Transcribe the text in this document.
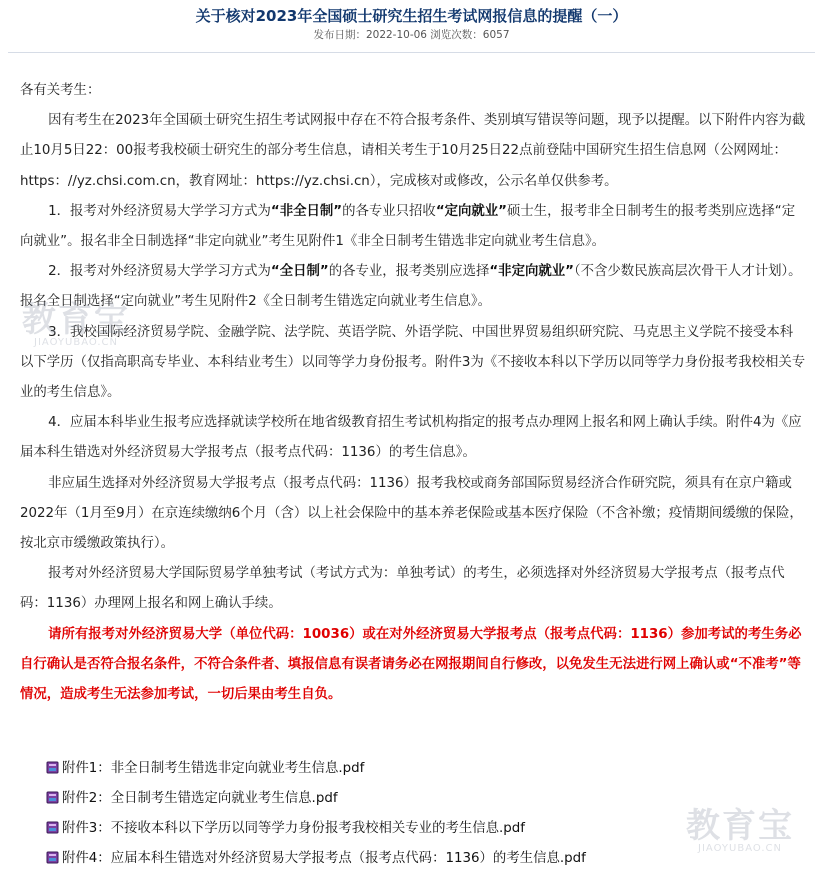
关于核对2023年全国硕士研究生招生考试网报信息的提醒（一）
发布日期：2022-10-06 浏览次数：6057

各有关考生：

因有考生在2023年全国硕士研究生招生考试网报中存在不符合报考条件、类别填写错误等问题，现予以提醒。以下附件内容为截止10月5日22：00报考我校硕士研究生的部分考生信息，请相关考生于10月25日22点前登陆中国研究生招生信息网（公网网址：https：//yz.chsi.com.cn，教育网址：https://yz.chsi.cn），完成核对或修改，公示名单仅供参考。

1．报考对外经济贸易大学学习方式为“非全日制”的各专业只招收“定向就业”硕士生，报考非全日制考生的报考类别应选择“定向就业”。报名非全日制选择“非定向就业”考生见附件1《非全日制考生错选非定向就业考生信息》。

2．报考对外经济贸易大学学习方式为“全日制”的各专业，报考类别应选择“非定向就业”（不含少数民族高层次骨干人才计划）。报名全日制选择“定向就业”考生见附件2《全日制考生错选定向就业考生信息》。

3．我校国际经济贸易学院、金融学院、法学院、英语学院、外语学院、中国世界贸易组织研究院、马克思主义学院不接受本科以下学历（仅指高职高专毕业、本科结业考生）以同等学力身份报考。附件3为《不接收本科以下学历以同等学力身份报考我校相关专业的考生信息》。

4．应届本科毕业生报考应选择就读学校所在地省级教育招生考试机构指定的报考点办理网上报名和网上确认手续。附件4为《应届本科生错选对外经济贸易大学报考点（报考点代码：1136）的考生信息》。

非应届生选择对外经济贸易大学报考点（报考点代码：1136）报考我校或商务部国际贸易经济合作研究院，须具有在京户籍或2022年（1月至9月）在京连续缴纳6个月（含）以上社会保险中的基本养老保险或基本医疗保险（不含补缴；疫情期间缓缴的保险，按北京市缓缴政策执行）。

报考对外经济贸易大学国际贸易学单独考试（考试方式为：单独考试）的考生，必须选择对外经济贸易大学报考点（报考点代码：1136）办理网上报名和网上确认手续。

请所有报考对外经济贸易大学（单位代码：10036）或在对外经济贸易大学报考点（报考点代码：1136）参加考试的考生务必自行确认是否符合报名条件，不符合条件者、填报信息有误者请务必在网报期间自行修改，以免发生无法进行网上确认或“不准考”等情况，造成考生无法参加考试，一切后果由考生自负。

附件1：非全日制考生错选非定向就业考生信息.pdf
附件2：全日制考生错选定向就业考生信息.pdf
附件3：不接收本科以下学历以同等学力身份报考我校相关专业的考生信息.pdf
附件4：应届本科生错选对外经济贸易大学报考点（报考点代码：1136）的考生信息.pdf
教育宝
JIAOYUBAO.CN
教育宝
JIAOYUBAO.CN
